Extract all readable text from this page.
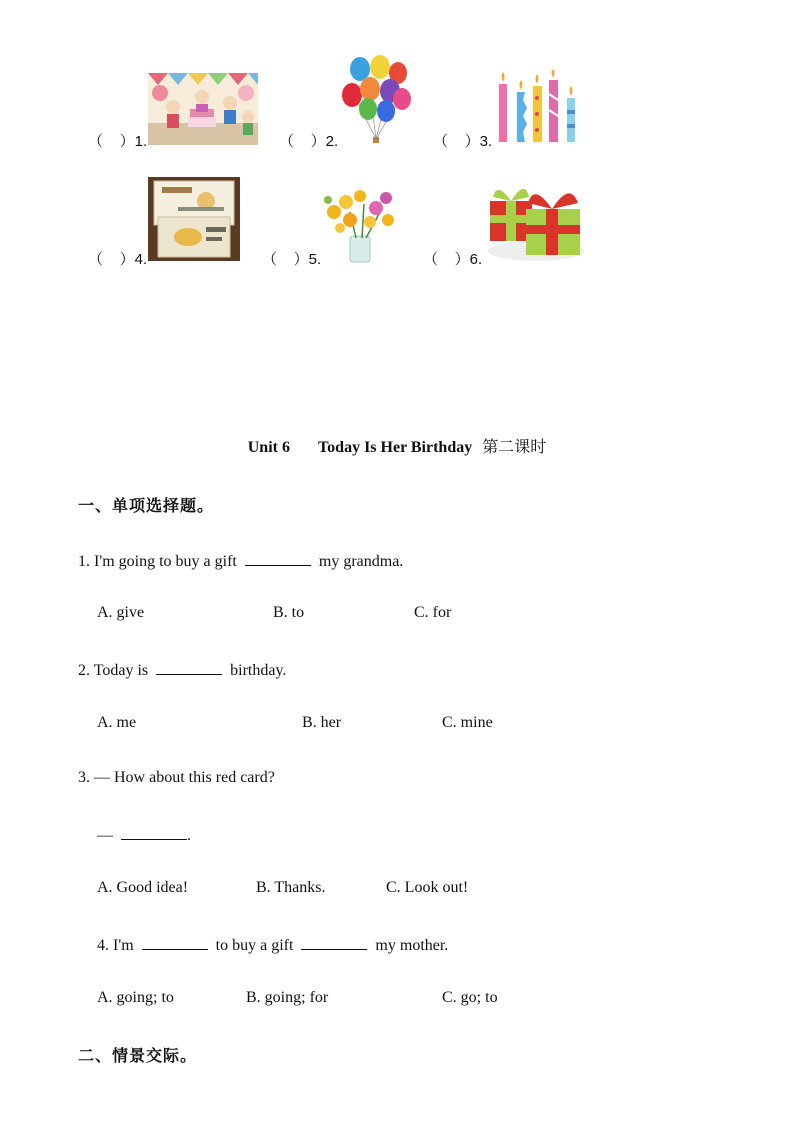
（    ）1.	（    ）2.	（    ）3.
（    ）4.	（    ）5.	（    ）6.
Unit 6 Today Is Her Birthday 第二课时
一、单项选择题。
1. I'm going to buy a gift	my grandma.
A. give	B. to	C. for
2. Today is	birthday.
A. me	B. her	C. mine
3. — How about this red card?
—	.
A. Good idea!	B. Thanks.	C. Look out!
4. I'm	to buy a gift	my mother.
A. going; to	B. going; for	C. go; to
二、情景交际。
